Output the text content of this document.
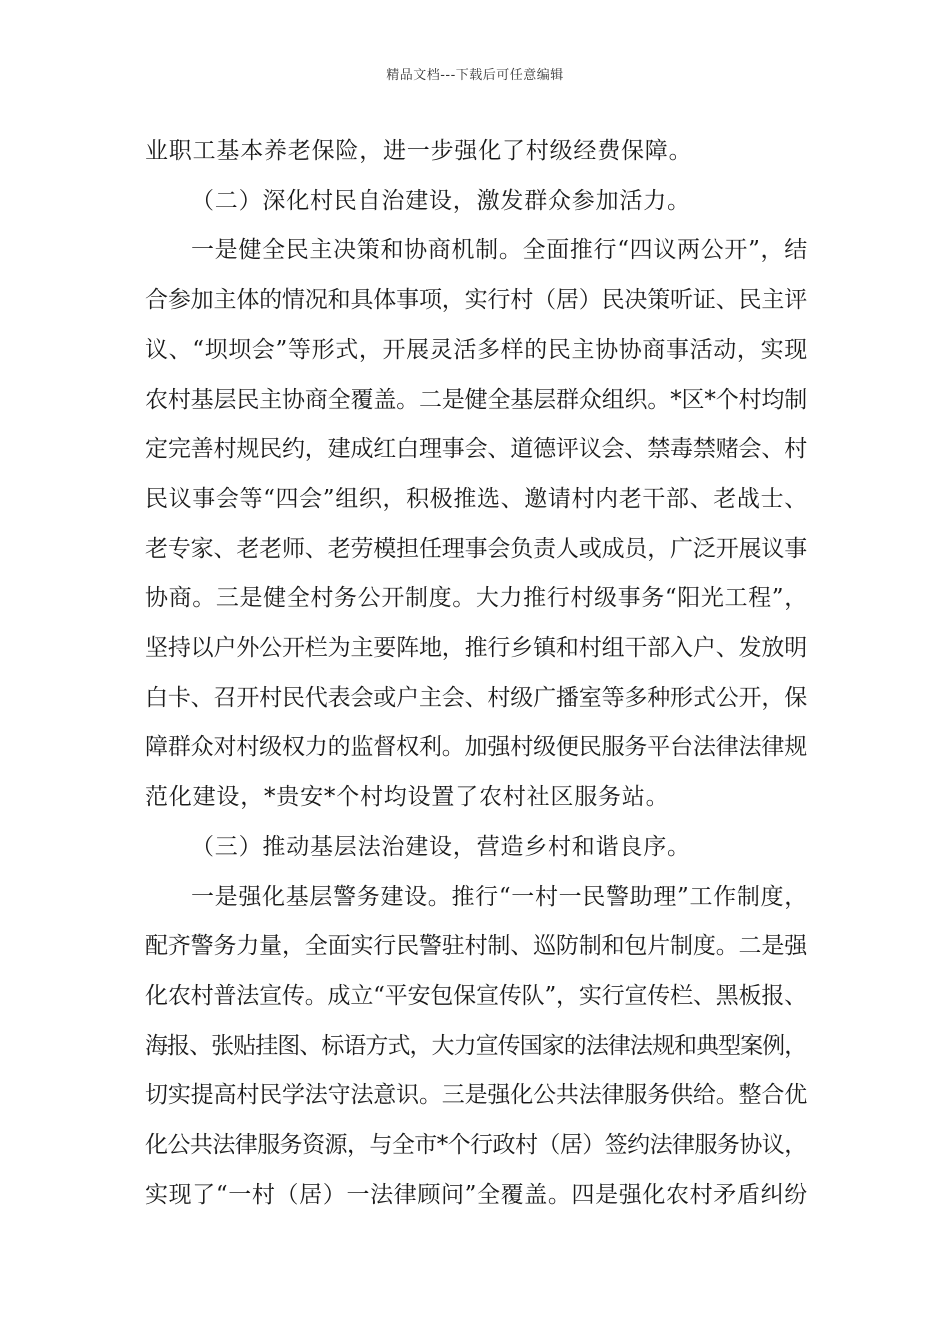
精品文档---下载后可任意编辑
业职工基本养老保险，进一步强化了村级经费保障。
（二）深化村民自治建设，激发群众参加活力。
一是健全民主决策和协商机制。全面推行“四议两公开”，结
合参加主体的情况和具体事项，实行村（居）民决策听证、民主评
议、“坝坝会”等形式，开展灵活多样的民主协协商事活动，实现
农村基层民主协商全覆盖。二是健全基层群众组织。*区*个村均制
定完善村规民约，建成红白理事会、道德评议会、禁毒禁赌会、村
民议事会等“四会”组织，积极推选、邀请村内老干部、老战士、
老专家、老老师、老劳模担任理事会负责人或成员，广泛开展议事
协商。三是健全村务公开制度。大力推行村级事务“阳光工程”，
坚持以户外公开栏为主要阵地，推行乡镇和村组干部入户、发放明
白卡、召开村民代表会或户主会、村级广播室等多种形式公开，保
障群众对村级权力的监督权利。加强村级便民服务平台法律法律规
范化建设，*贵安*个村均设置了农村社区服务站。
（三）推动基层法治建设，营造乡村和谐良序。
一是强化基层警务建设。推行“一村一民警助理”工作制度，
配齐警务力量，全面实行民警驻村制、巡防制和包片制度。二是强
化农村普法宣传。成立“平安包保宣传队”，实行宣传栏、黑板报、
海报、张贴挂图、标语方式，大力宣传国家的法律法规和典型案例，
切实提高村民学法守法意识。三是强化公共法律服务供给。整合优
化公共法律服务资源，与全市*个行政村（居）签约法律服务协议，
实现了“一村（居）一法律顾问”全覆盖。四是强化农村矛盾纠纷
